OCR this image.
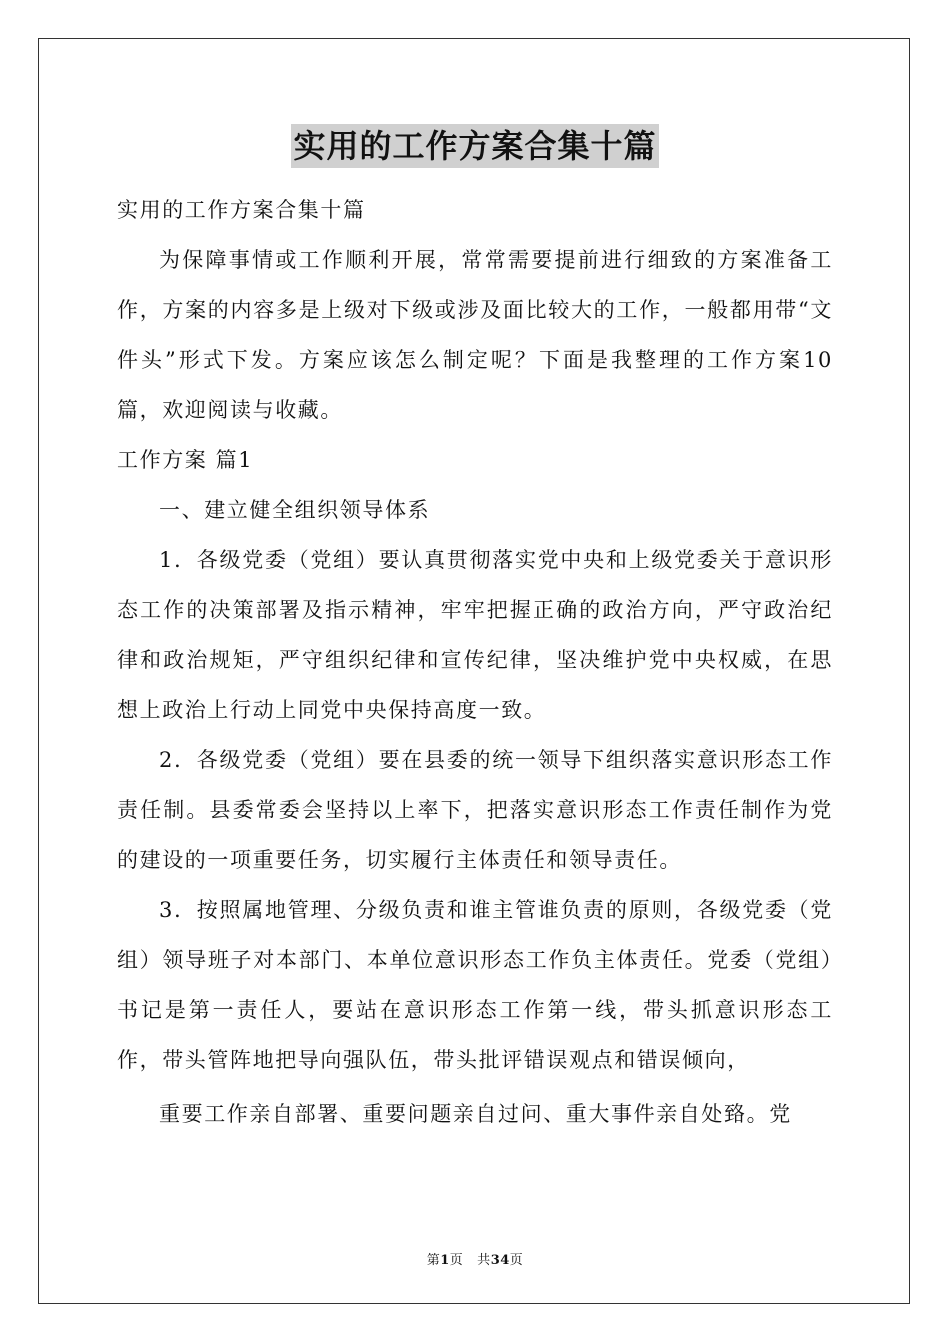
实用的工作方案合集十篇

实用的工作方案合集十篇

为保障事情或工作顺利开展，常常需要提前进行细致的方案准备工作，方案的内容多是上级对下级或涉及面比较大的工作，一般都用带“文件头”形式下发。方案应该怎么制定呢？下面是我整理的工作方案10篇，欢迎阅读与收藏。

工作方案 篇1

一、建立健全组织领导体系

1．各级党委（党组）要认真贯彻落实党中央和上级党委关于意识形态工作的决策部署及指示精神，牢牢把握正确的政治方向，严守政治纪律和政治规矩，严守组织纪律和宣传纪律，坚决维护党中央权威，在思想上政治上行动上同党中央保持高度一致。

2．各级党委（党组）要在县委的统一领导下组织落实意识形态工作责任制。县委常委会坚持以上率下，把落实意识形态工作责任制作为党的建设的一项重要任务，切实履行主体责任和领导责任。

3．按照属地管理、分级负责和谁主管谁负责的原则，各级党委（党组）领导班子对本部门、本单位意识形态工作负主体责任。党委（党组）书记是第一责任人，要站在意识形态工作第一线，带头抓意识形态工作，带头管阵地把导向强队伍，带头批评错误观点和错误倾向，

重要工作亲自部署、重要问题亲自过问、重大事件亲自处臵。党

第1页 共34页
